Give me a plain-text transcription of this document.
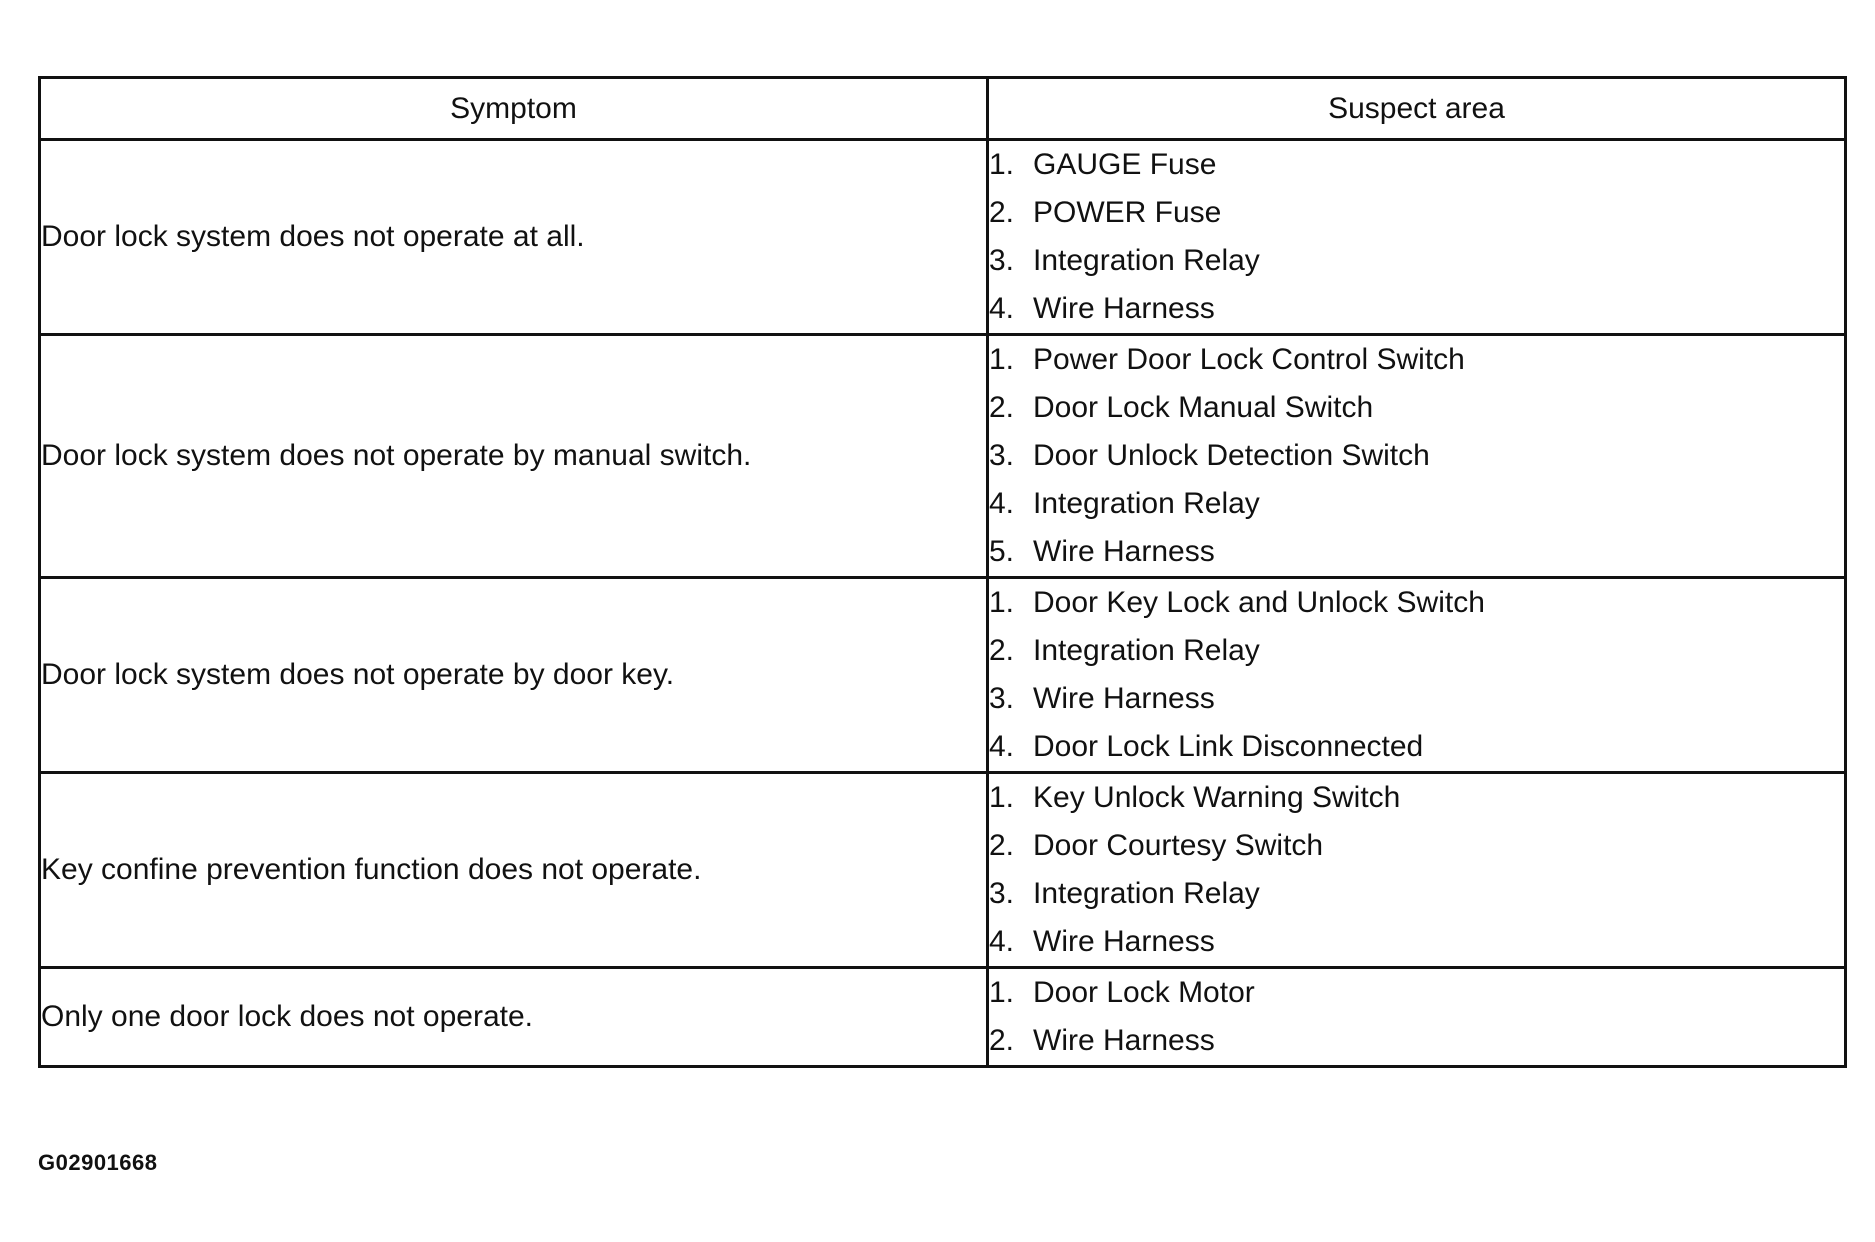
Symptom	Suspect area
Door lock system does not operate at all.	1. GAUGE Fuse
2. POWER Fuse
3. Integration Relay
4. Wire Harness

Door lock system does not operate by manual switch.	1. Power Door Lock Control Switch
2. Door Lock Manual Switch
3. Door Unlock Detection Switch
4. Integration Relay
5. Wire Harness

Door lock system does not operate by door key.	1. Door Key Lock and Unlock Switch
2. Integration Relay
3. Wire Harness
4. Door Lock Link Disconnected

Key confine prevention function does not operate.	1. Key Unlock Warning Switch
2. Door Courtesy Switch
3. Integration Relay
4. Wire Harness

Only one door lock does not operate.	1. Door Lock Motor
2. Wire Harness
G02901668
